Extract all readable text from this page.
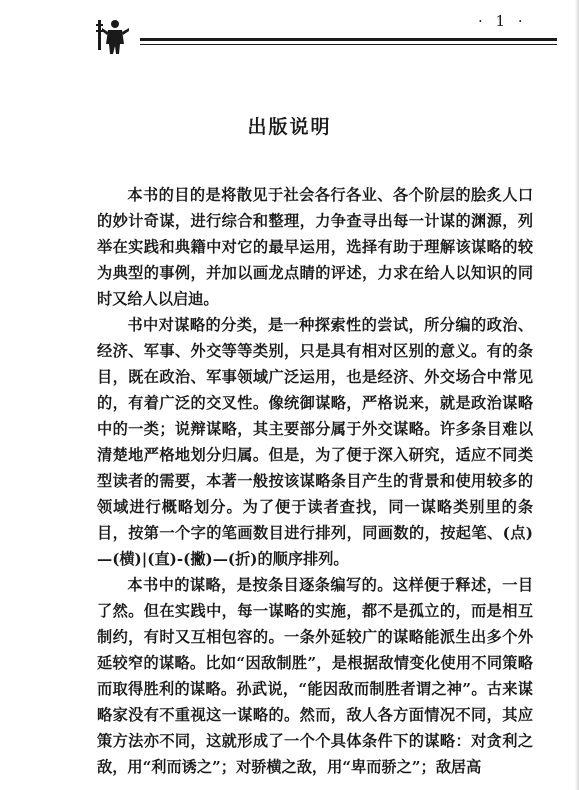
· 1 ·
出版说明

本书的目的是将散见于社会各行各业、各个阶层的脍炙人口的妙计奇谋，进行综合和整理，力争查寻出每一计谋的渊源，列举在实践和典籍中对它的最早运用，选择有助于理解该谋略的较为典型的事例，并加以画龙点睛的评述，力求在给人以知识的同时又给人以启迪。

书中对谋略的分类，是一种探索性的尝试，所分编的政治、经济、军事、外交等等类别，只是具有相对区别的意义。有的条目，既在政治、军事领域广泛运用，也是经济、外交场合中常见的，有着广泛的交叉性。像统御谋略，严格说来，就是政治谋略中的一类；说辩谋略，其主要部分属于外交谋略。许多条目难以清楚地严格地划分归属。但是，为了便于深入研究，适应不同类型读者的需要，本著一般按该谋略条目产生的背景和使用较多的领域进行概略划分。为了便于读者查找，同一谋略类别里的条目，按第一个字的笔画数目进行排列，同画数的，按起笔、(点)—(横)|(直)-(撇)—(折)的顺序排列。

本书中的谋略，是按条目逐条编写的。这样便于释述，一目了然。但在实践中，每一谋略的实施，都不是孤立的，而是相互制约，有时又互相包容的。一条外延较广的谋略能派生出多个外延较窄的谋略。比如“因敌制胜”，是根据敌情变化使用不同策略而取得胜利的谋略。孙武说，“能因敌而制胜者谓之神”。古来谋略家没有不重视这一谋略的。然而，敌人各方面情况不同，其应策方法亦不同，这就形成了一个个具体条件下的谋略：对贪利之敌，用“利而诱之”；对骄横之敌，用“卑而骄之”；敌居高
